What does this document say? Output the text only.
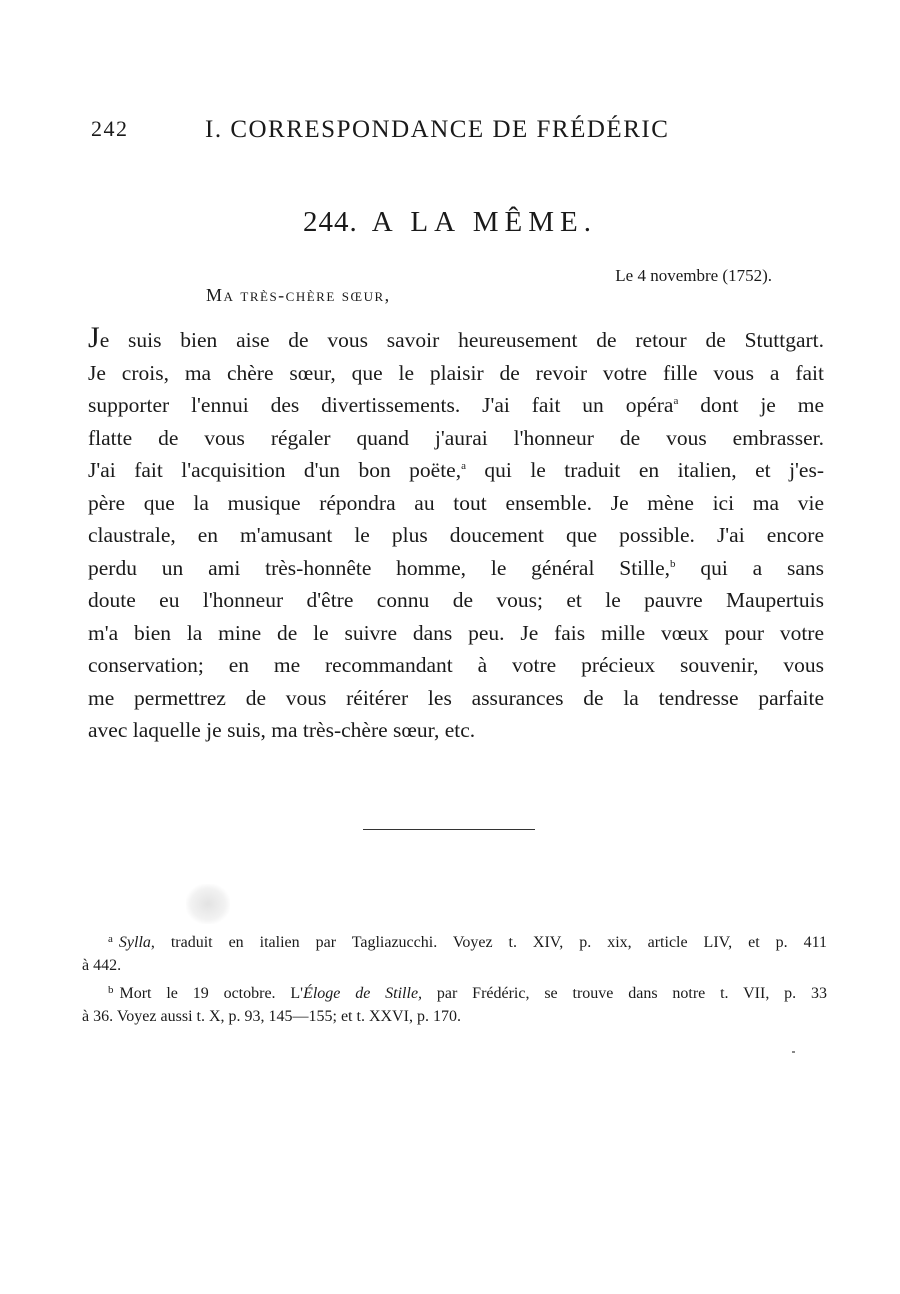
242	I. CORRESPONDANCE DE FRÉDÉRIC
244. A LA MÊME.
Le 4 novembre (1752).
Ma très-chère sœur,
Je suis bien aise de vous savoir heureusement de retour de Stuttgart.
Je crois, ma chère sœur, que le plaisir de revoir votre fille vous a fait
supporter l'ennui des divertissements. J'ai fait un opéra$^a$ dont je me
flatte de vous régaler quand j'aurai l'honneur de vous embrasser.
J'ai fait l'acquisition d'un bon poëte,$^a$ qui le traduit en italien, et j'es-
père que la musique répondra au tout ensemble. Je mène ici ma vie
claustrale, en m'amusant le plus doucement que possible. J'ai encore
perdu un ami très-honnête homme, le général Stille,$^b$ qui a sans
doute eu l'honneur d'être connu de vous; et le pauvre Maupertuis
m'a bien la mine de le suivre dans peu. Je fais mille vœux pour votre
conservation; en me recommandant à votre précieux souvenir, vous
me permettrez de vous réitérer les assurances de la tendresse parfaite
avec laquelle je suis, ma très-chère sœur, etc.
$^a$ Sylla, traduit en italien par Tagliazucchi. Voyez t. XIV, p. xix, article LIV, et p. 411
à 442.
$^b$ Mort le 19 octobre. L'Éloge de Stille, par Frédéric, se trouve dans notre t. VII, p. 33
à 36. Voyez aussi t. X, p. 93, 145—155; et t. XXVI, p. 170.
